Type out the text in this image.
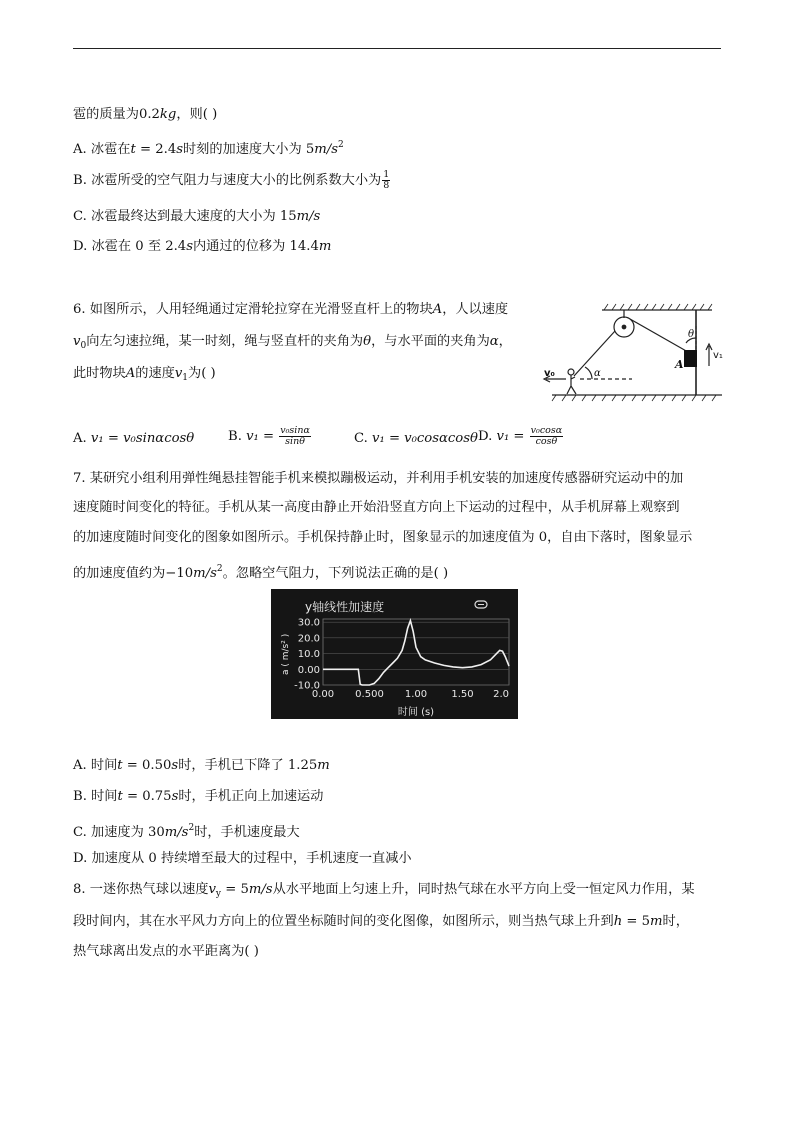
雹的质量为0.2kg，则( )
A. 冰雹在t = 2.4s时刻的加速度大小为 $5m/s^2$
B. 冰雹所受的空气阻力与速度大小的比例系数大小为 $\frac{1}{8}$
C. 冰雹最终达到最大速度的大小为 15m/s
D. 冰雹在 0 至 2.4s内通过的位移为 14.4m
6. 如图所示，人用轻绳通过定滑轮拉穿在光滑竖直杆上的物块A，人以速度
$v_0$向左匀速拉绳，某一时刻，绳与竖直杆的夹角为θ，与水平面的夹角为α，
此时物块A的速度$v_1$为( )
A
θ
α
v₁
v₀
A. v₁ = v₀sinαcosθ	B. $v_1 = \frac{\text{v₀sinα}}{\sin\theta}$	C. v₁ = v₀cosαcosθ D. $v_1 = \frac{\text{v₀cosα}}{\cos\theta}$
7. 某研究小组利用弹性绳悬挂智能手机来模拟蹦极运动，并利用手机安装的加速度传感器研究运动中的加
速度随时间变化的特征。手机从某一高度由静止开始沿竖直方向上下运动的过程中，从手机屏幕上观察到
的加速度随时间变化的图象如图所示。手机保持静止时，图象显示的加速度值为 0，自由下落时，图象显示
的加速度值约为$-10m/s^2$。忽略空气阻力，下列说法正确的是( )
y轴线性加速度
30.0
20.0
10.0
0.00
-10.0
0.00 0.500 1.00 1.50 2.0
a ( m/s² )
时间 (s)
A. 时间t = 0.50s时，手机已下降了 1.25m
B. 时间t = 0.75s时，手机正向上加速运动
C. 加速度为 $30m/s^2$时，手机速度最大
D. 加速度从 0 持续增至最大的过程中，手机速度一直减小
8. 一迷你热气球以速度$v_y = 5m/s$从水平地面上匀速上升，同时热气球在水平方向上受一恒定风力作用，某
段时间内，其在水平风力方向上的位置坐标随时间的变化图像，如图所示，则当热气球上升到h = 5m时，
热气球离出发点的水平距离为( )
